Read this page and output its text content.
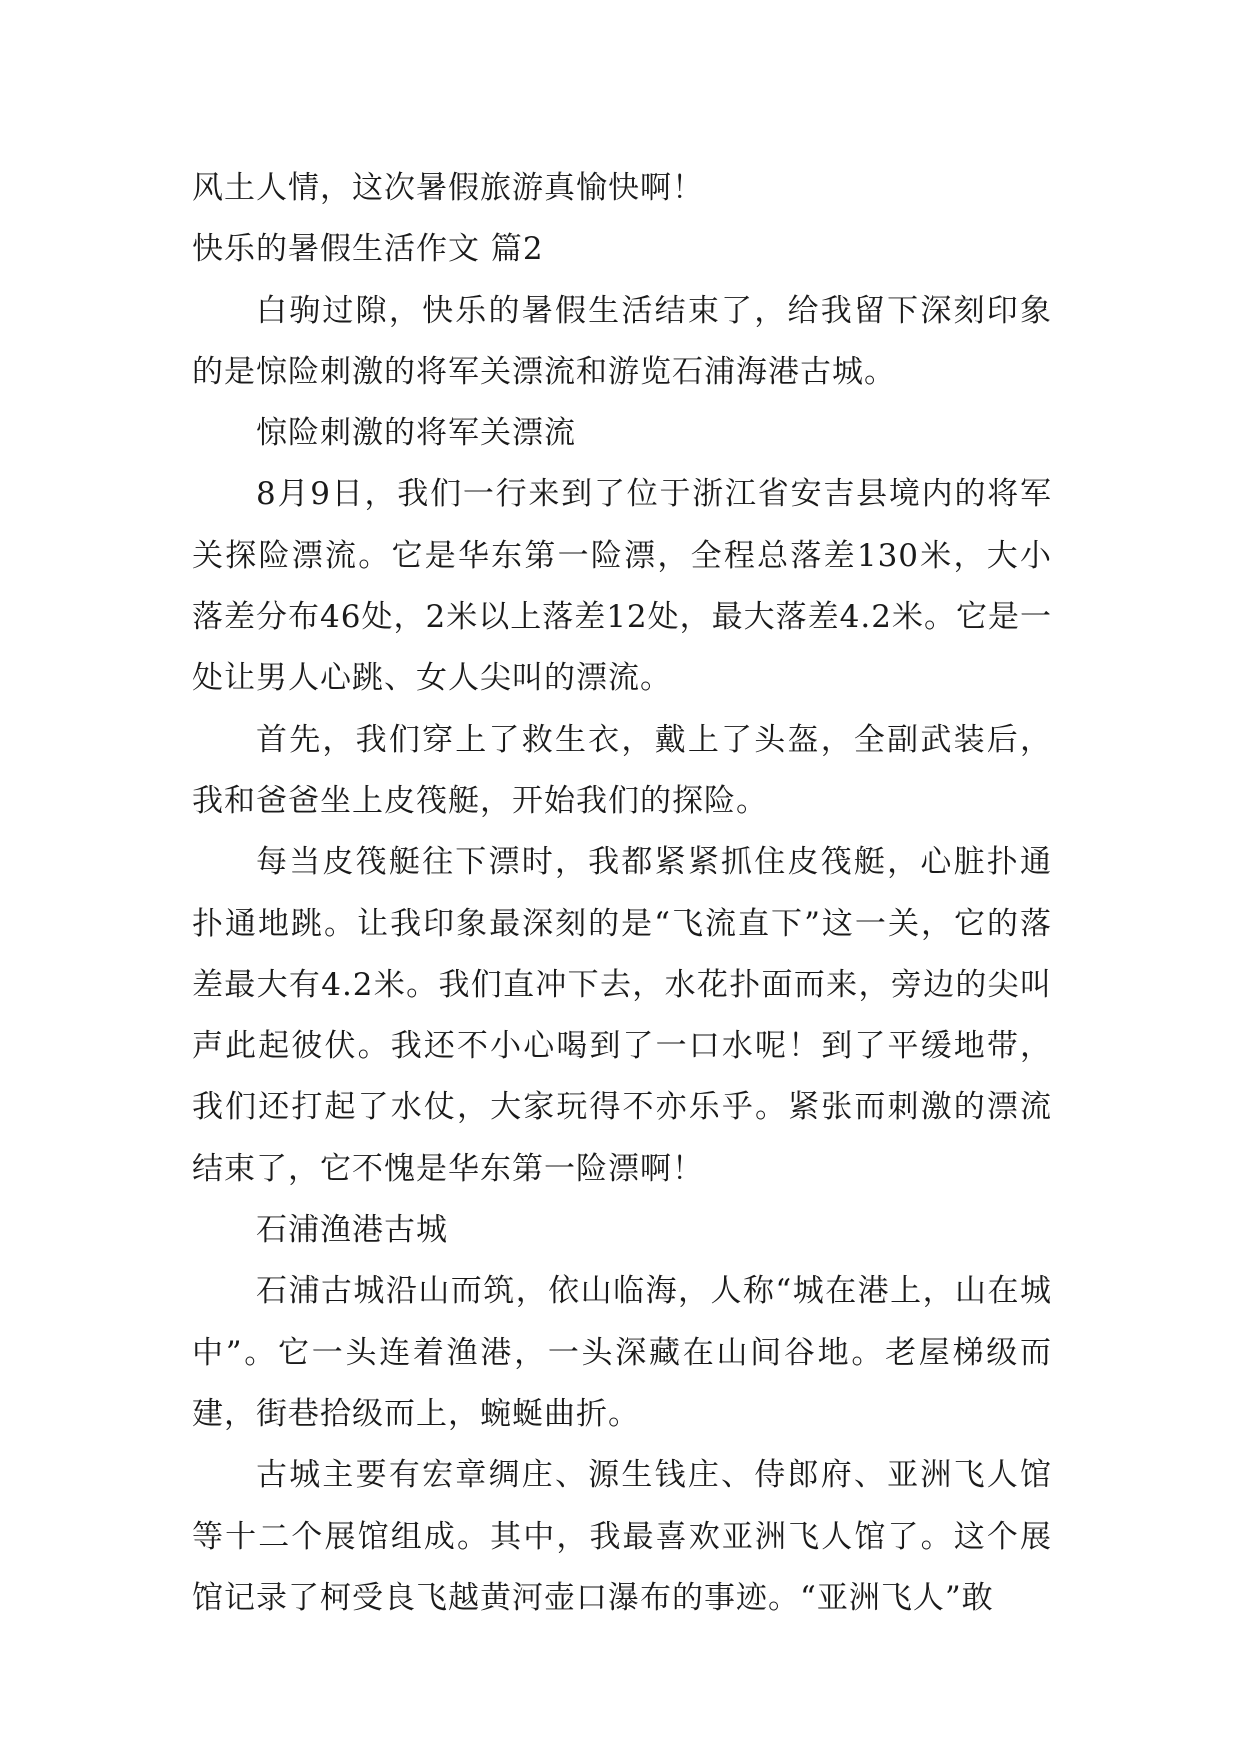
风土人情，这次暑假旅游真愉快啊！

快乐的暑假生活作文 篇2

白驹过隙，快乐的暑假生活结束了，给我留下深刻印象的是惊险刺激的将军关漂流和游览石浦海港古城。

惊险刺激的将军关漂流

8月9日，我们一行来到了位于浙江省安吉县境内的将军关探险漂流。它是华东第一险漂，全程总落差130米，大小落差分布46处，2米以上落差12处，最大落差4.2米。它是一处让男人心跳、女人尖叫的漂流。

首先，我们穿上了救生衣，戴上了头盔，全副武装后，我和爸爸坐上皮筏艇，开始我们的探险。

每当皮筏艇往下漂时，我都紧紧抓住皮筏艇，心脏扑通扑通地跳。让我印象最深刻的是“飞流直下”这一关，它的落差最大有4.2米。我们直冲下去，水花扑面而来，旁边的尖叫声此起彼伏。我还不小心喝到了一口水呢！到了平缓地带，我们还打起了水仗，大家玩得不亦乐乎。紧张而刺激的漂流结束了，它不愧是华东第一险漂啊！

石浦渔港古城

石浦古城沿山而筑，依山临海，人称“城在港上，山在城中”。它一头连着渔港，一头深藏在山间谷地。老屋梯级而建，街巷拾级而上，蜿蜒曲折。

古城主要有宏章绸庄、源生钱庄、侍郎府、亚洲飞人馆等十二个展馆组成。其中，我最喜欢亚洲飞人馆了。这个展馆记录了柯受良飞越黄河壶口瀑布的事迹。“亚洲飞人”敢
